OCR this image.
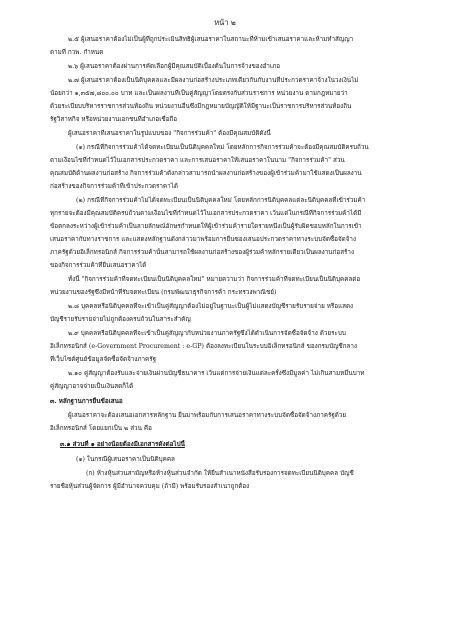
หน้า ๒
๒.๕ ผู้เสนอราคาต้องไม่เป็นผู้ที่ถูกประเมินสิทธิผู้เสนอราคาในสถานะที่ห้ามเข้าเสนอราคาและห้ามทำสัญญา
ตามที่ กวพ. กำหนด
๒.๖ ผู้เสนอราคาต้องผ่านการคัดเลือกผู้มีคุณสมบัติเบื้องต้นในการจ้างของอำเภอ
๒.๗ ผู้เสนอราคาต้องเป็นนิติบุคคลและมีผลงานก่อสร้างประเภทเดียวกันกับงานที่ประกวดราคาจ้างในวงเงินไม่
น้อยกว่า ๑,๓๕๗,๘๐๐.๐๐ บาท และเป็นผลงานที่เป็นคู่สัญญาโดยตรงกับส่วนราชการ หน่วยงาน ตามกฎหมายว่า
ด้วยระเบียบบริหารราชการส่วนท้องถิ่น หน่วยงานอื่นซึ่งมีกฎหมายบัญญัติให้มีฐานะเป็นราชการบริหารส่วนท้องถิ่น
รัฐวิสาหกิจ หรือหน่วยงานเอกชนที่อำเภอเชื่อถือ
ผู้เสนอราคาที่เสนอราคาในรูปแบบของ "กิจการร่วมค้า" ต้องมีคุณสมบัติดังนี้
(๑) กรณีที่กิจการร่วมค้าได้จดทะเบียนเป็นนิติบุคคลใหม่ โดยหลักการกิจการร่วมค้าจะต้องมีคุณสมบัติครบถ้วน
ตามเงื่อนไขที่กำหนดไว้ในเอกสารประกวดราคา และการเสนอราคาให้เสนอราคาในนาม "กิจการร่วมค้า" ส่วน
คุณสมบัติด้านผลงานก่อสร้าง กิจการร่วมค้าดังกล่าวสามารถนำผลงานก่อสร้างของผู้เข้าร่วมค้ามาใช้แสดงเป็นผลงาน
ก่อสร้างของกิจการร่วมค้าที่เข้าประกวดราคาได้
(๒) กรณีที่กิจการร่วมค้าไม่ได้จดทะเบียนเป็นนิติบุคคลใหม่ โดยหลักการนิติบุคคลแต่ละนิติบุคคลที่เข้าร่วมค้า
ทุกรายจะต้องมีคุณสมบัติครบถ้วนตามเงื่อนไขที่กำหนดไว้ในเอกสารประกวดราคา เว้นแต่ในกรณีที่กิจการร่วมค้าได้มี
ข้อตกลงระหว่างผู้เข้าร่วมค้าเป็นลายลักษณ์อักษรกำหนดให้ผู้เข้าร่วมค้ารายใดรายหนึ่งเป็นผู้รับผิดชอบหลักในการเข้า
เสนอราคากับทางราชการ และแสดงหลักฐานดังกล่าวมาพร้อมการยื่นซองเสนอประกวดราคาทางระบบจัดซื้อจัดจ้าง
ภาครัฐด้วยอิเล็กทรอนิกส์ กิจการร่วมค้านั้นสามารถใช้ผลงานก่อสร้างของผู้ร่วมค้าหลักรายเดียวเป็นผลงานก่อสร้าง
ของกิจการร่วมค้าที่ยื่นเสนอราคาได้
ทั้งนี้ "กิจการร่วมค้าที่จดทะเบียนเป็นนิติบุคคลใหม่" หมายความว่า กิจการร่วมค้าที่จดทะเบียนเป็นนิติบุคคลต่อ
หน่วยงานของรัฐซึ่งมีหน้าที่รับจดทะเบียน (กรมพัฒนาธุรกิจการค้า กระทรวงพาณิชย์)
๒.๘ บุคคลหรือนิติบุคคลที่จะเข้าเป็นคู่สัญญาต้องไม่อยู่ในฐานะเป็นผู้ไม่แสดงบัญชีรายรับรายจ่าย หรือแสดง
บัญชีรายรับรายจ่ายไม่ถูกต้องครบถ้วนในสาระสำคัญ
๒.๙ บุคคลหรือนิติบุคคลที่จะเข้าเป็นคู่สัญญากับหน่วยงานภาครัฐซึ่งได้ดำเนินการจัดซื้อจัดจ้าง ด้วยระบบ
อิเล็กทรอนิกส์ (e-Government Procurement : e-GP) ต้องลงทะเบียนในระบบอิเล็กทรอนิกส์ ของกรมบัญชีกลาง
ที่เว็บไซต์ศูนย์ข้อมูลจัดซื้อจัดจ้างภาครัฐ
๒.๑๐ คู่สัญญาต้องรับและจ่ายเงินผ่านบัญชีธนาคาร เว้นแต่การจ่ายเงินแต่ละครั้งซึ่งมีมูลค่า ไม่เกินสามหมื่นบาท
คู่สัญญาอาจจ่ายเป็นเงินสดก็ได้
๓. หลักฐานการยื่นข้อเสนอ
ผู้เสนอราคาจะต้องเสนอเอกสารหลักฐาน ยื่นมาพร้อมกับการเสนอราคาทางระบบจัดซื้อจัดจ้างภาครัฐด้วย
อิเล็กทรอนิกส์ โดยแยกเป็น ๒ ส่วน คือ
๓.๑ ส่วนที่ ๑ อย่างน้อยต้องมีเอกสารดังต่อไปนี้
(๑) ในกรณีผู้เสนอราคาเป็นนิติบุคคล
(ก) ห้างหุ้นส่วนสามัญหรือห้างหุ้นส่วนจำกัด ให้ยื่นสำเนาหนังสือรับรองการจดทะเบียนนิติบุคคล บัญชี
รายชื่อหุ้นส่วนผู้จัดการ ผู้มีอำนาจควบคุม (ถ้ามี) พร้อมรับรองสำเนาถูกต้อง
